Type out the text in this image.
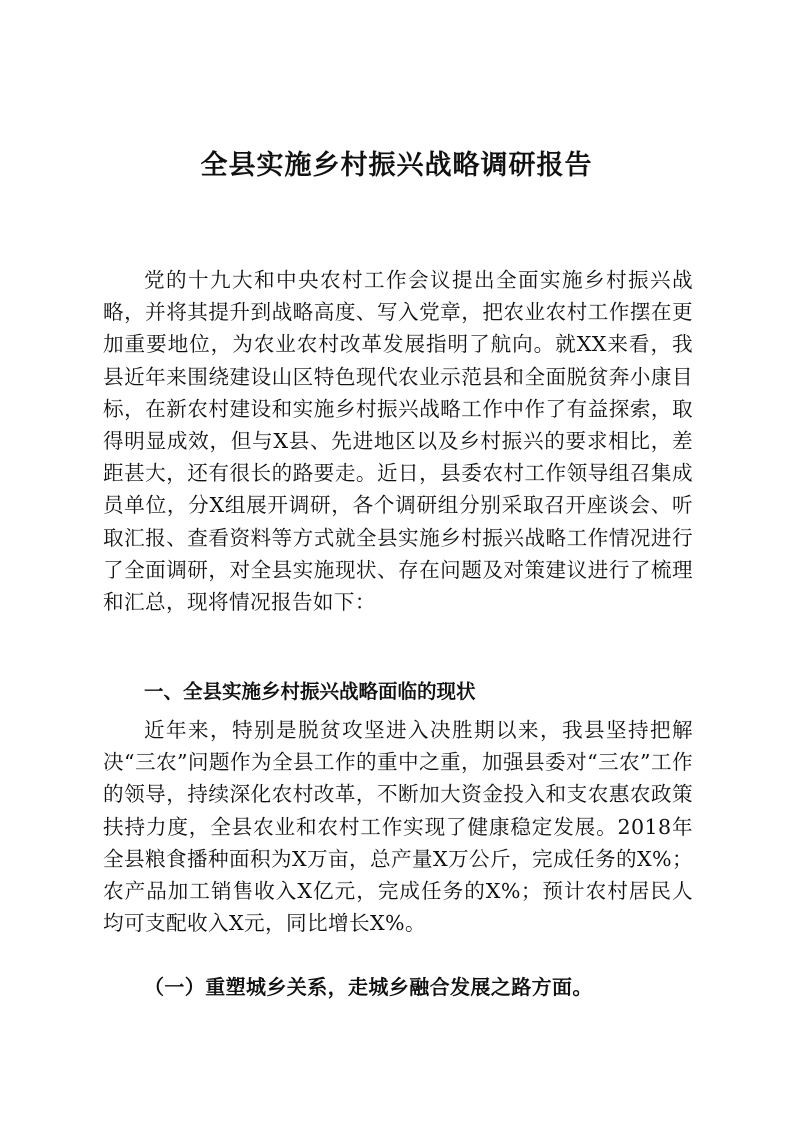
全县实施乡村振兴战略调研报告

党的十九大和中央农村工作会议提出全面实施乡村振兴战略，并将其提升到战略高度、写入党章，把农业农村工作摆在更加重要地位，为农业农村改革发展指明了航向。就XX来看，我县近年来围绕建设山区特色现代农业示范县和全面脱贫奔小康目标，在新农村建设和实施乡村振兴战略工作中作了有益探索，取得明显成效，但与X县、先进地区以及乡村振兴的要求相比，差距甚大，还有很长的路要走。近日，县委农村工作领导组召集成员单位，分X组展开调研，各个调研组分别采取召开座谈会、听取汇报、查看资料等方式就全县实施乡村振兴战略工作情况进行了全面调研，对全县实施现状、存在问题及对策建议进行了梳理和汇总，现将情况报告如下：

一、全县实施乡村振兴战略面临的现状

近年来，特别是脱贫攻坚进入决胜期以来，我县坚持把解决“三农”问题作为全县工作的重中之重，加强县委对“三农”工作的领导，持续深化农村改革，不断加大资金投入和支农惠农政策扶持力度，全县农业和农村工作实现了健康稳定发展。2018年全县粮食播种面积为X万亩，总产量X万公斤，完成任务的X%；农产品加工销售收入X亿元，完成任务的X%；预计农村居民人均可支配收入X元，同比增长X%。

（一）重塑城乡关系，走城乡融合发展之路方面。
